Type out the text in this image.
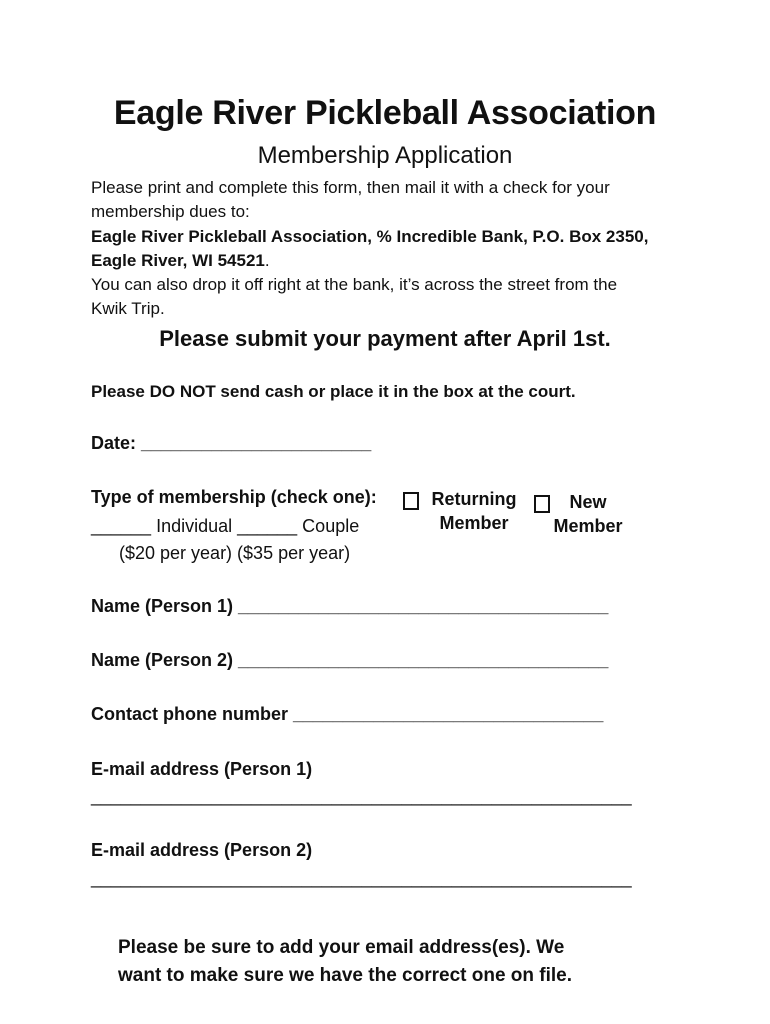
Eagle River Pickleball Association
Membership Application
Please print and complete this form, then mail it with a check for your
membership dues to:
Eagle River Pickleball Association, % Incredible Bank, P.O. Box 2350,
Eagle River, WI 54521.
You can also drop it off right at the bank, it’s across the street from the
Kwik Trip.
Please submit your payment after April 1st.
Please DO NOT send cash or place it in the box at the court.
Date: _______________________
Type of membership (check one):
______ Individual ______ Couple
($20 per year) ($35 per year)
Returning
Member
New
Member
Name (Person 1) _____________________________________
Name (Person 2) _____________________________________
Contact phone number _______________________________
E-mail address (Person 1)
______________________________________________________
E-mail address (Person 2)
______________________________________________________
Please be sure to add your email address(es). We
want to make sure we have the correct one on file.
